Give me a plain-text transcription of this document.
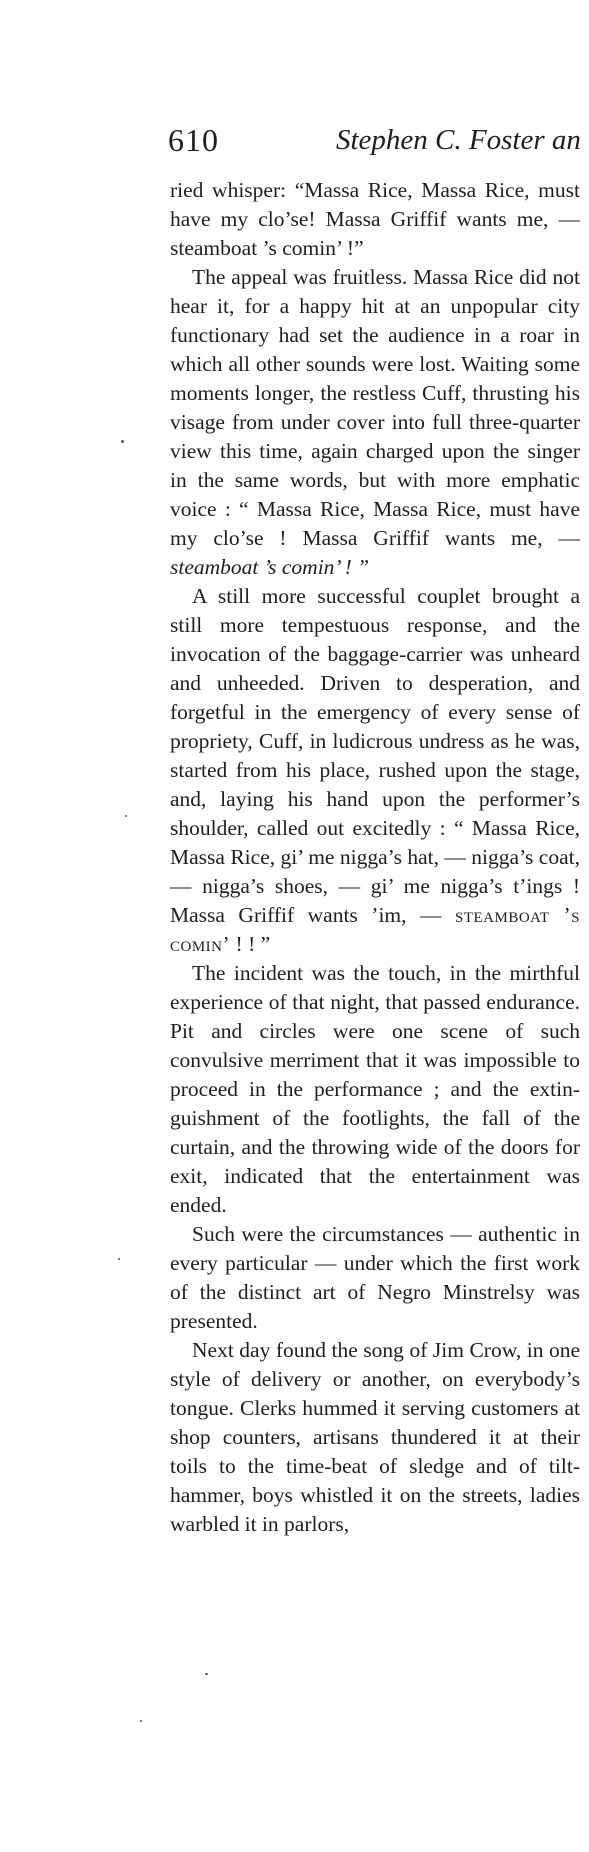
610	Stephen C. Foster an

ried whisper: “Massa Rice, Massa Rice, must have my clo’se! Massa Griffif wants me, — steamboat ’s comin’ !”

The appeal was fruitless. Massa Rice did not hear it, for a happy hit at an unpopular city functionary had set the audience in a roar in which all other sounds were lost. Waiting some moments longer, the restless Cuff, thrusting his visage from under cover into full three-quarter view this time, again charged upon the singer in the same words, but with more emphatic voice : “ Massa Rice, Massa Rice, must have my clo’se ! Massa Griffif wants me, — steamboat ’s comin’ ! ”

A still more successful couplet brought a still more tempestuous response, and the invocation of the baggage-carrier was unheard and unheeded. Driven to desperation, and forgetful in the emergency of every sense of propriety, Cuff, in ludicrous undress as he was, started from his place, rushed upon the stage, and, laying his hand upon the performer’s shoulder, called out excitedly : “ Massa Rice, Massa Rice, gi’ me nigga’s hat, — nigga’s coat, — nigga’s shoes, — gi’ me nigga’s t’ings ! Massa Griffif wants ’im, — steamboat ’s comin’ ! ! ”

The incident was the touch, in the mirthful experience of that night, that passed endurance. Pit and circles were one scene of such convulsive merriment that it was impossible to proceed in the performance ; and the extinguishment of the footlights, the fall of the curtain, and the throwing wide of the doors for exit, indicated that the entertainment was ended.

Such were the circumstances — authentic in every particular — under which the first work of the distinct art of Negro Minstrelsy was presented.

Next day found the song of Jim Crow, in one style of delivery or another, on everybody’s tongue. Clerks hummed it serving customers at shop counters, artisans thundered it at their toils to the time-beat of sledge and of tilt-hammer, boys whistled it on the streets, ladies warbled it in parlors,
